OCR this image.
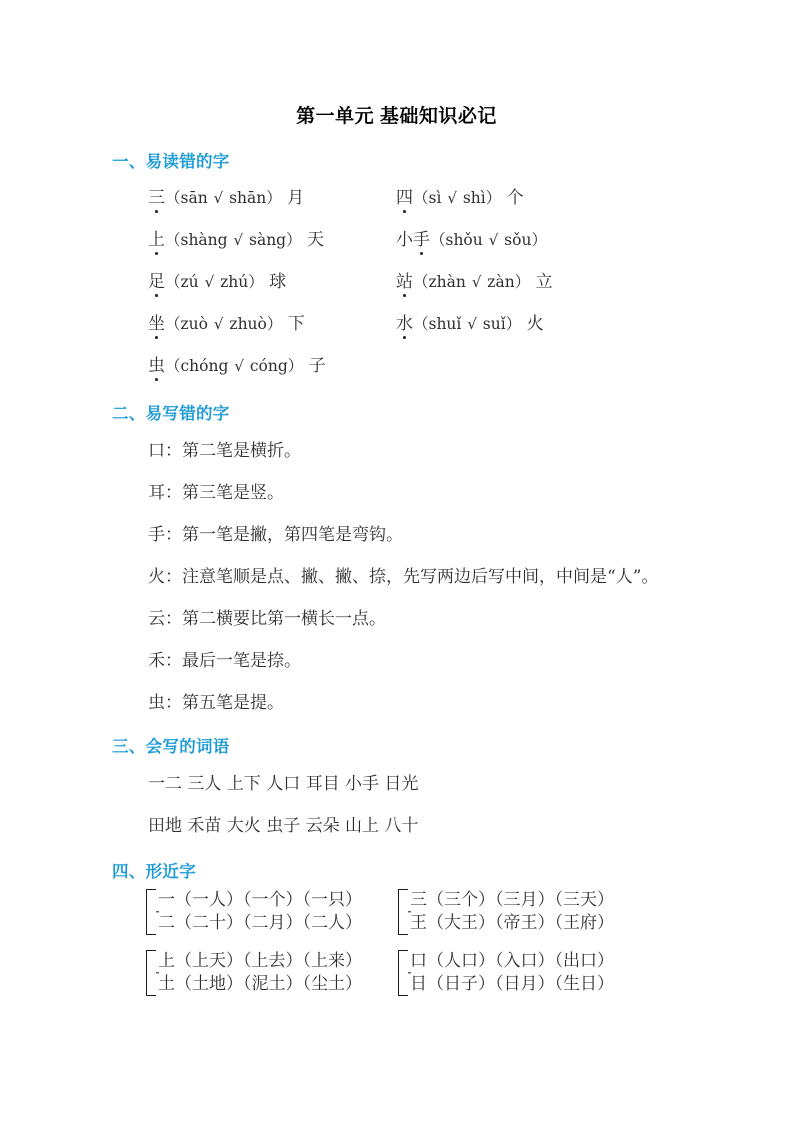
第一单元 基础知识必记
一、易读错的字
三（sān √ shān） 月	四（sì √ shì） 个
上（shàng √ sàng） 天	小手（shǒu √ sǒu）
足（zú √ zhú） 球	站（zhàn √ zàn） 立
坐（zuò √ zhuò） 下	水（shuǐ √ suǐ） 火
虫（chóng √ cóng） 子
二、易写错的字
口：第二笔是横折。
耳：第三笔是竖。
手：第一笔是撇，第四笔是弯钩。
火：注意笔顺是点、撇、撇、捺，先写两边后写中间，中间是“人”。
云：第二横要比第一横长一点。
禾：最后一笔是捺。
虫：第五笔是提。
三、会写的词语
一二 三人 上下 人口 耳目 小手 日光
田地 禾苗 大火 虫子 云朵 山上 八十
四、形近字
一（一人）（一个）（一只）
二（二十）（二月）（二人）
三（三个）（三月）（三天）
王（大王）（帝王）（王府）
上（上天）（上去）（上来）
土（土地）（泥土）（尘土）
口（人口）（入口）（出口）
日（日子）（日月）（生日）
